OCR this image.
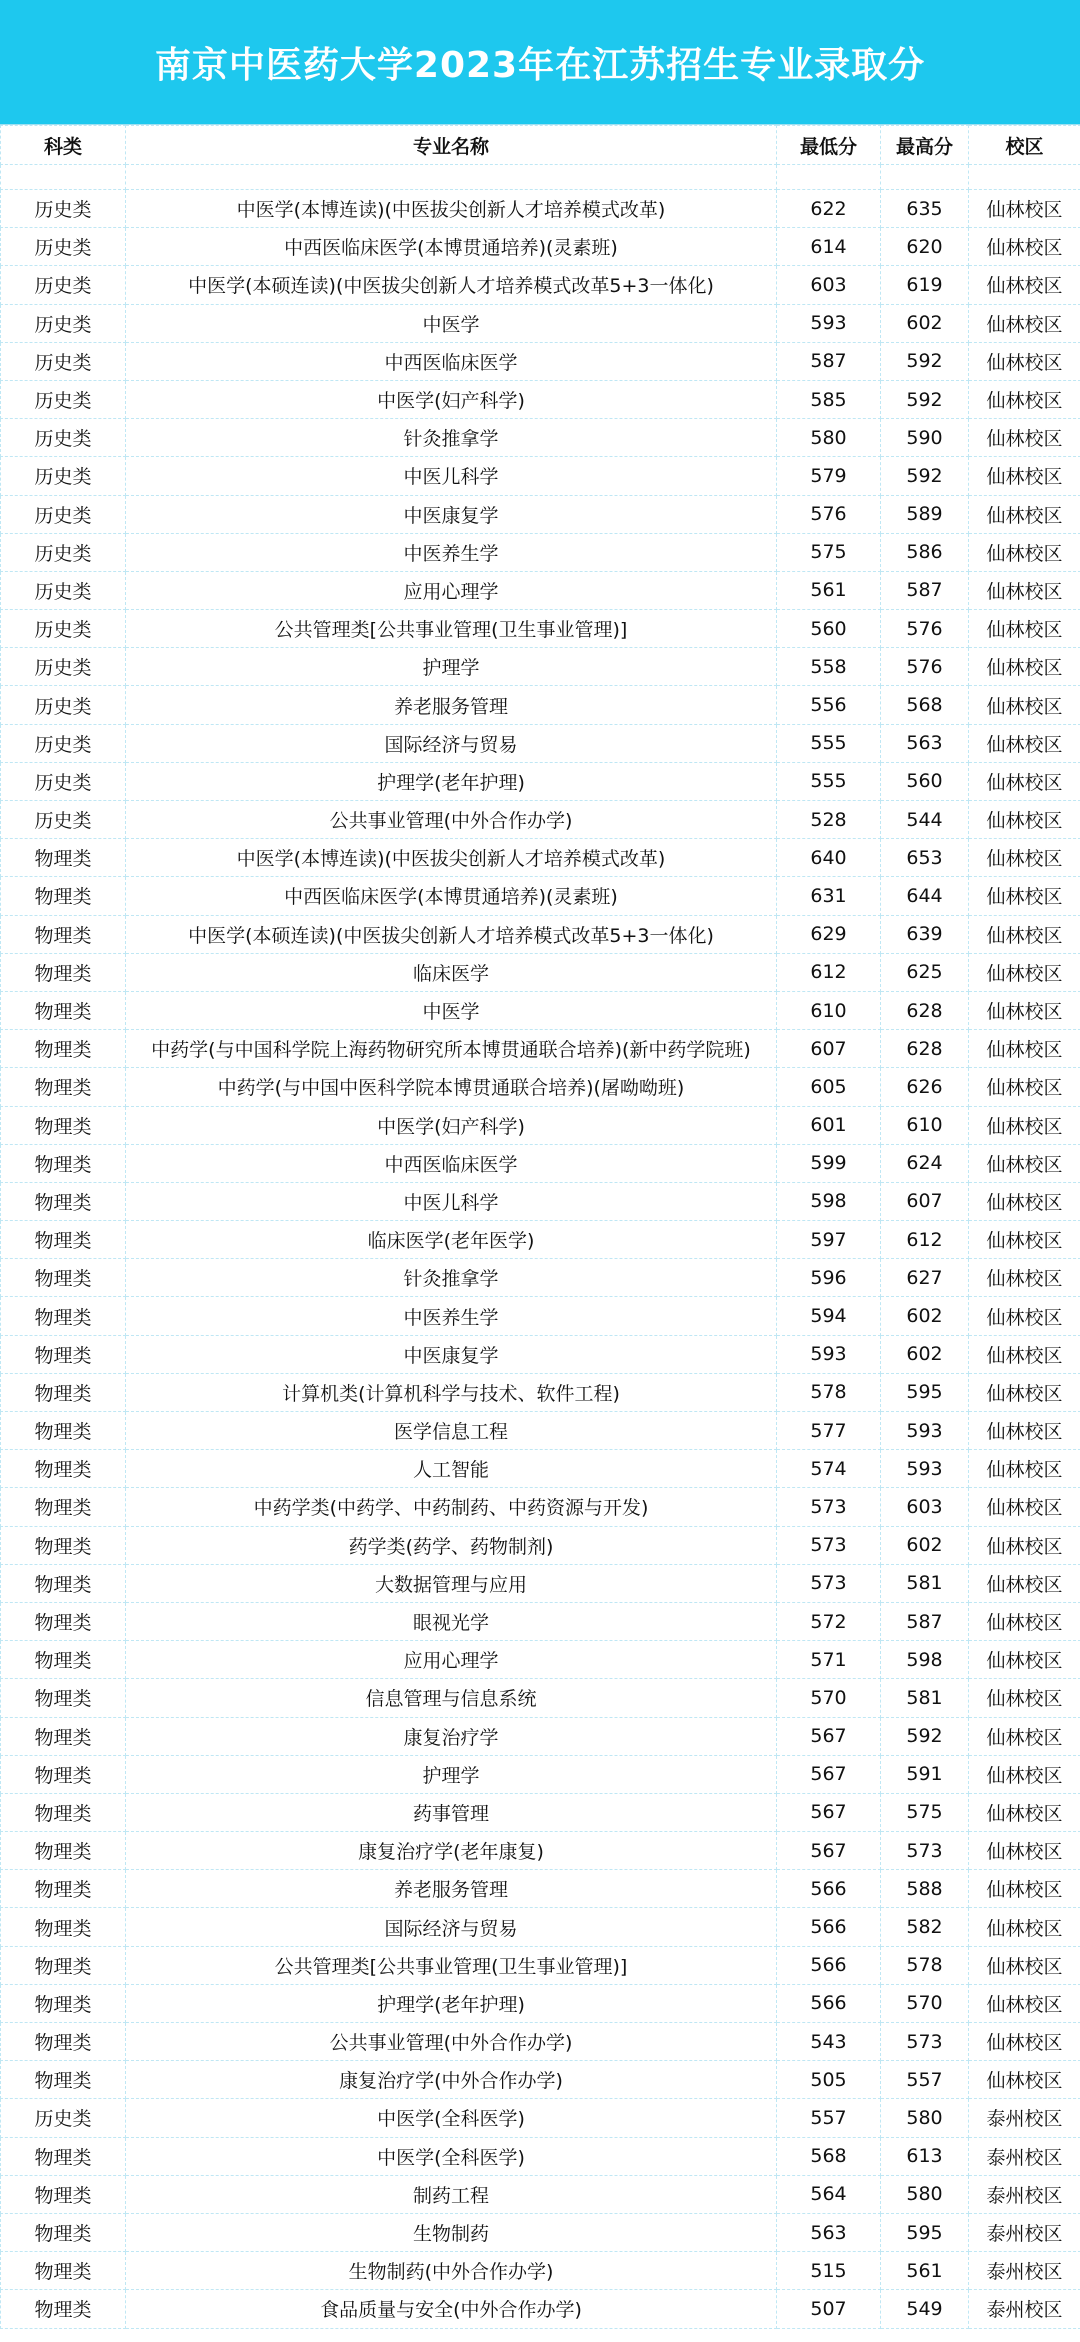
南京中医药大学2023年在江苏招生专业录取分
科类	专业名称	最低分	最高分	校区

历史类	中医学(本博连读)(中医拔尖创新人才培养模式改革)	622	635	仙林校区
历史类	中西医临床医学(本博贯通培养)(灵素班)	614	620	仙林校区
历史类	中医学(本硕连读)(中医拔尖创新人才培养模式改革5+3一体化)	603	619	仙林校区
历史类	中医学	593	602	仙林校区
历史类	中西医临床医学	587	592	仙林校区
历史类	中医学(妇产科学)	585	592	仙林校区
历史类	针灸推拿学	580	590	仙林校区
历史类	中医儿科学	579	592	仙林校区
历史类	中医康复学	576	589	仙林校区
历史类	中医养生学	575	586	仙林校区
历史类	应用心理学	561	587	仙林校区
历史类	公共管理类[公共事业管理(卫生事业管理)]	560	576	仙林校区
历史类	护理学	558	576	仙林校区
历史类	养老服务管理	556	568	仙林校区
历史类	国际经济与贸易	555	563	仙林校区
历史类	护理学(老年护理)	555	560	仙林校区
历史类	公共事业管理(中外合作办学)	528	544	仙林校区
物理类	中医学(本博连读)(中医拔尖创新人才培养模式改革)	640	653	仙林校区
物理类	中西医临床医学(本博贯通培养)(灵素班)	631	644	仙林校区
物理类	中医学(本硕连读)(中医拔尖创新人才培养模式改革5+3一体化)	629	639	仙林校区
物理类	临床医学	612	625	仙林校区
物理类	中医学	610	628	仙林校区
物理类	中药学(与中国科学院上海药物研究所本博贯通联合培养)(新中药学院班)	607	628	仙林校区
物理类	中药学(与中国中医科学院本博贯通联合培养)(屠呦呦班)	605	626	仙林校区
物理类	中医学(妇产科学)	601	610	仙林校区
物理类	中西医临床医学	599	624	仙林校区
物理类	中医儿科学	598	607	仙林校区
物理类	临床医学(老年医学)	597	612	仙林校区
物理类	针灸推拿学	596	627	仙林校区
物理类	中医养生学	594	602	仙林校区
物理类	中医康复学	593	602	仙林校区
物理类	计算机类(计算机科学与技术、软件工程)	578	595	仙林校区
物理类	医学信息工程	577	593	仙林校区
物理类	人工智能	574	593	仙林校区
物理类	中药学类(中药学、中药制药、中药资源与开发)	573	603	仙林校区
物理类	药学类(药学、药物制剂)	573	602	仙林校区
物理类	大数据管理与应用	573	581	仙林校区
物理类	眼视光学	572	587	仙林校区
物理类	应用心理学	571	598	仙林校区
物理类	信息管理与信息系统	570	581	仙林校区
物理类	康复治疗学	567	592	仙林校区
物理类	护理学	567	591	仙林校区
物理类	药事管理	567	575	仙林校区
物理类	康复治疗学(老年康复)	567	573	仙林校区
物理类	养老服务管理	566	588	仙林校区
物理类	国际经济与贸易	566	582	仙林校区
物理类	公共管理类[公共事业管理(卫生事业管理)]	566	578	仙林校区
物理类	护理学(老年护理)	566	570	仙林校区
物理类	公共事业管理(中外合作办学)	543	573	仙林校区
物理类	康复治疗学(中外合作办学)	505	557	仙林校区
历史类	中医学(全科医学)	557	580	泰州校区
物理类	中医学(全科医学)	568	613	泰州校区
物理类	制药工程	564	580	泰州校区
物理类	生物制药	563	595	泰州校区
物理类	生物制药(中外合作办学)	515	561	泰州校区
物理类	食品质量与安全(中外合作办学)	507	549	泰州校区
